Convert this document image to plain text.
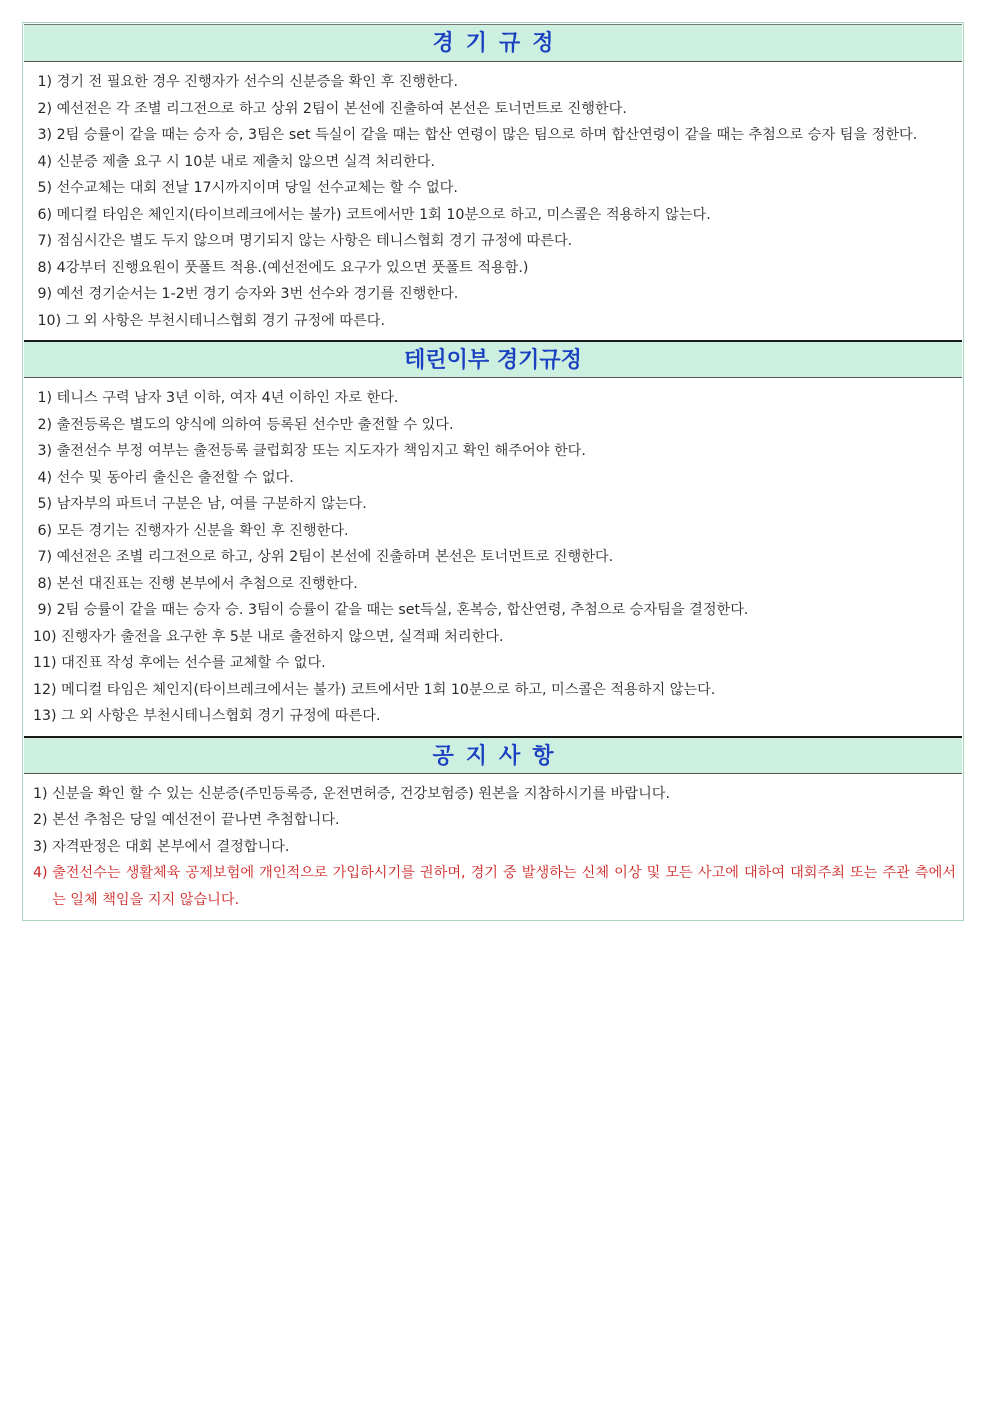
경기규정
1) 경기 전 필요한 경우 진행자가 선수의 신분증을 확인 후 진행한다.
2) 예선전은 각 조별 리그전으로 하고 상위 2팀이 본선에 진출하여 본선은 토너먼트로 진행한다.
3) 2팀 승률이 같을 때는 승자 승, 3팀은 set 득실이 같을 때는 합산 연령이 많은 팀으로 하며 합산연령이 같을 때는 추첨으로 승자 팀을 정한다.
4) 신분증 제출 요구 시 10분 내로 제출치 않으면 실격 처리한다.
5) 선수교체는 대회 전날 17시까지이며 당일 선수교체는 할 수 없다.
6) 메디컬 타임은 체인지(타이브레크에서는 불가) 코트에서만 1회 10분으로 하고, 미스콜은 적용하지 않는다.
7) 점심시간은 별도 두지 않으며 명기되지 않는 사항은 테니스협회 경기 규정에 따른다.
8) 4강부터 진행요원이 풋폴트 적용.(예선전에도 요구가 있으면 풋폴트 적용함.)
9) 예선 경기순서는 1-2번 경기 승자와 3번 선수와 경기를 진행한다.
10) 그 외 사항은 부천시테니스협회 경기 규정에 따른다.
테린이부 경기규정
1) 테니스 구력 남자 3년 이하, 여자 4년 이하인 자로 한다.
2) 출전등록은 별도의 양식에 의하여 등록된 선수만 출전할 수 있다.
3) 출전선수 부정 여부는 출전등록 클럽회장 또는 지도자가 책임지고 확인 해주어야 한다.
4) 선수 및 동아리 출신은 출전할 수 없다.
5) 남자부의 파트너 구분은 남, 여를 구분하지 않는다.
6) 모든 경기는 진행자가 신분을 확인 후 진행한다.
7) 예선전은 조별 리그전으로 하고, 상위 2팀이 본선에 진출하며 본선은 토너먼트로 진행한다.
8) 본선 대진표는 진행 본부에서 추첨으로 진행한다.
9) 2팀 승률이 같을 때는 승자 승. 3팀이 승률이 같을 때는 set득실, 혼복승, 합산연령, 추첨으로 승자팀을 결정한다.
10) 진행자가 출전을 요구한 후 5분 내로 출전하지 않으면, 실격패 처리한다.
11) 대진표 작성 후에는 선수를 교체할 수 없다.
12) 메디컬 타임은 체인지(타이브레크에서는 불가) 코트에서만 1회 10분으로 하고, 미스콜은 적용하지 않는다.
13) 그 외 사항은 부천시테니스협회 경기 규정에 따른다.
공지사항
1) 신분을 확인 할 수 있는 신분증(주민등록증, 운전면허증, 건강보험증) 원본을 지참하시기를 바랍니다.
2) 본선 추첨은 당일 예선전이 끝나면 추첨합니다.
3) 자격판정은 대회 본부에서 결정합니다.
4) 출전선수는 생활체육 공제보험에 개인적으로 가입하시기를 권하며, 경기 중 발생하는 신체 이상 및 모든 사고에 대하여 대회주최 또는 주관 측에서는 일체 책임을 지지 않습니다.
